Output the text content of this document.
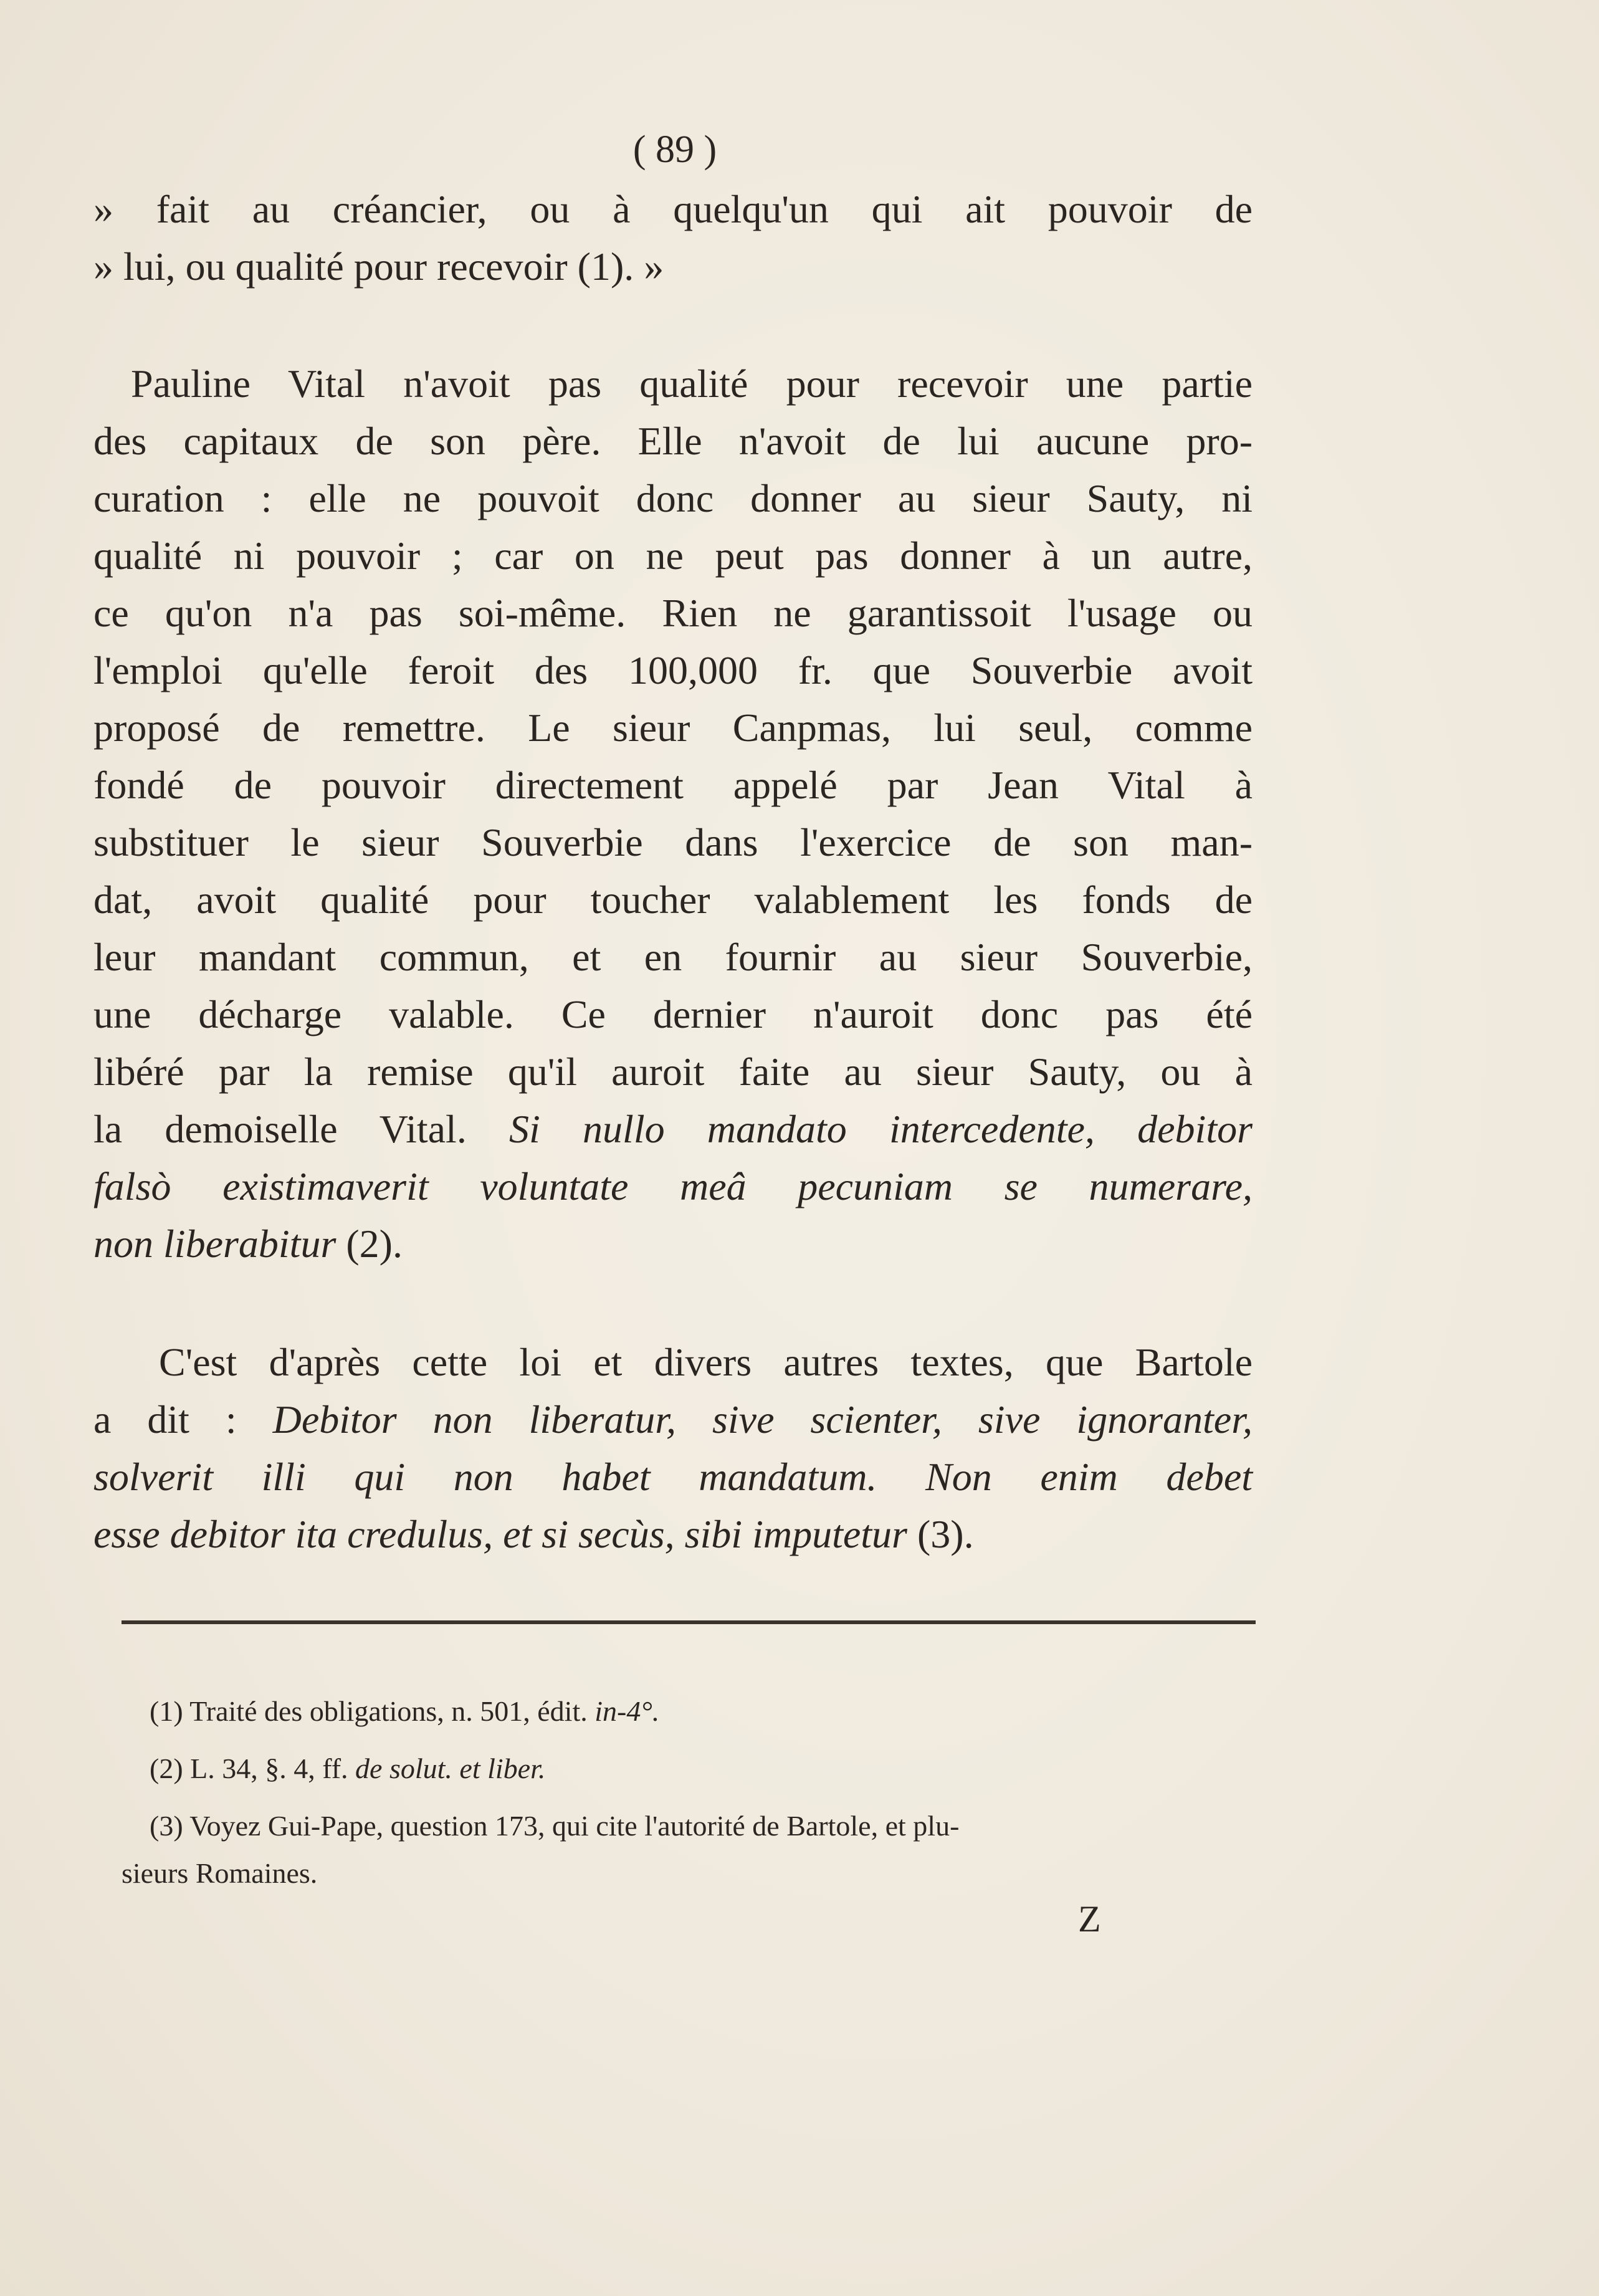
( 89 )
» fait au créancier, ou à quelqu'un qui ait pouvoir de
» lui, ou qualité pour recevoir (1). »
Pauline Vital n'avoit pas qualité pour recevoir une partie
des capitaux de son père. Elle n'avoit de lui aucune pro-
curation : elle ne pouvoit donc donner au sieur Sauty, ni
qualité ni pouvoir ; car on ne peut pas donner à un autre,
ce qu'on n'a pas soi-même. Rien ne garantissoit l'usage ou
l'emploi qu'elle feroit des 100,000 fr. que Souverbie avoit
proposé de remettre. Le sieur Canpmas, lui seul, comme
fondé de pouvoir directement appelé par Jean Vital à
substituer le sieur Souverbie dans l'exercice de son man-
dat, avoit qualité pour toucher valablement les fonds de
leur mandant commun, et en fournir au sieur Souverbie,
une décharge valable. Ce dernier n'auroit donc pas été
libéré par la remise qu'il auroit faite au sieur Sauty, ou à
la demoiselle Vital. Si nullo mandato intercedente, debitor
falsò existimaverit voluntate meâ pecuniam se numerare,
non liberabitur (2).
C'est d'après cette loi et divers autres textes, que Bartole
a dit : Debitor non liberatur, sive scienter, sive ignoranter,
solverit illi qui non habet mandatum. Non enim debet
esse debitor ita credulus, et si secùs, sibi imputetur (3).
(1) Traité des obligations, n. 501, édit. in-4°.
(2) L. 34, §. 4, ff. de solut. et liber.
(3) Voyez Gui-Pape, question 173, qui cite l'autorité de Bartole, et plu-
sieurs Romaines.
Z
